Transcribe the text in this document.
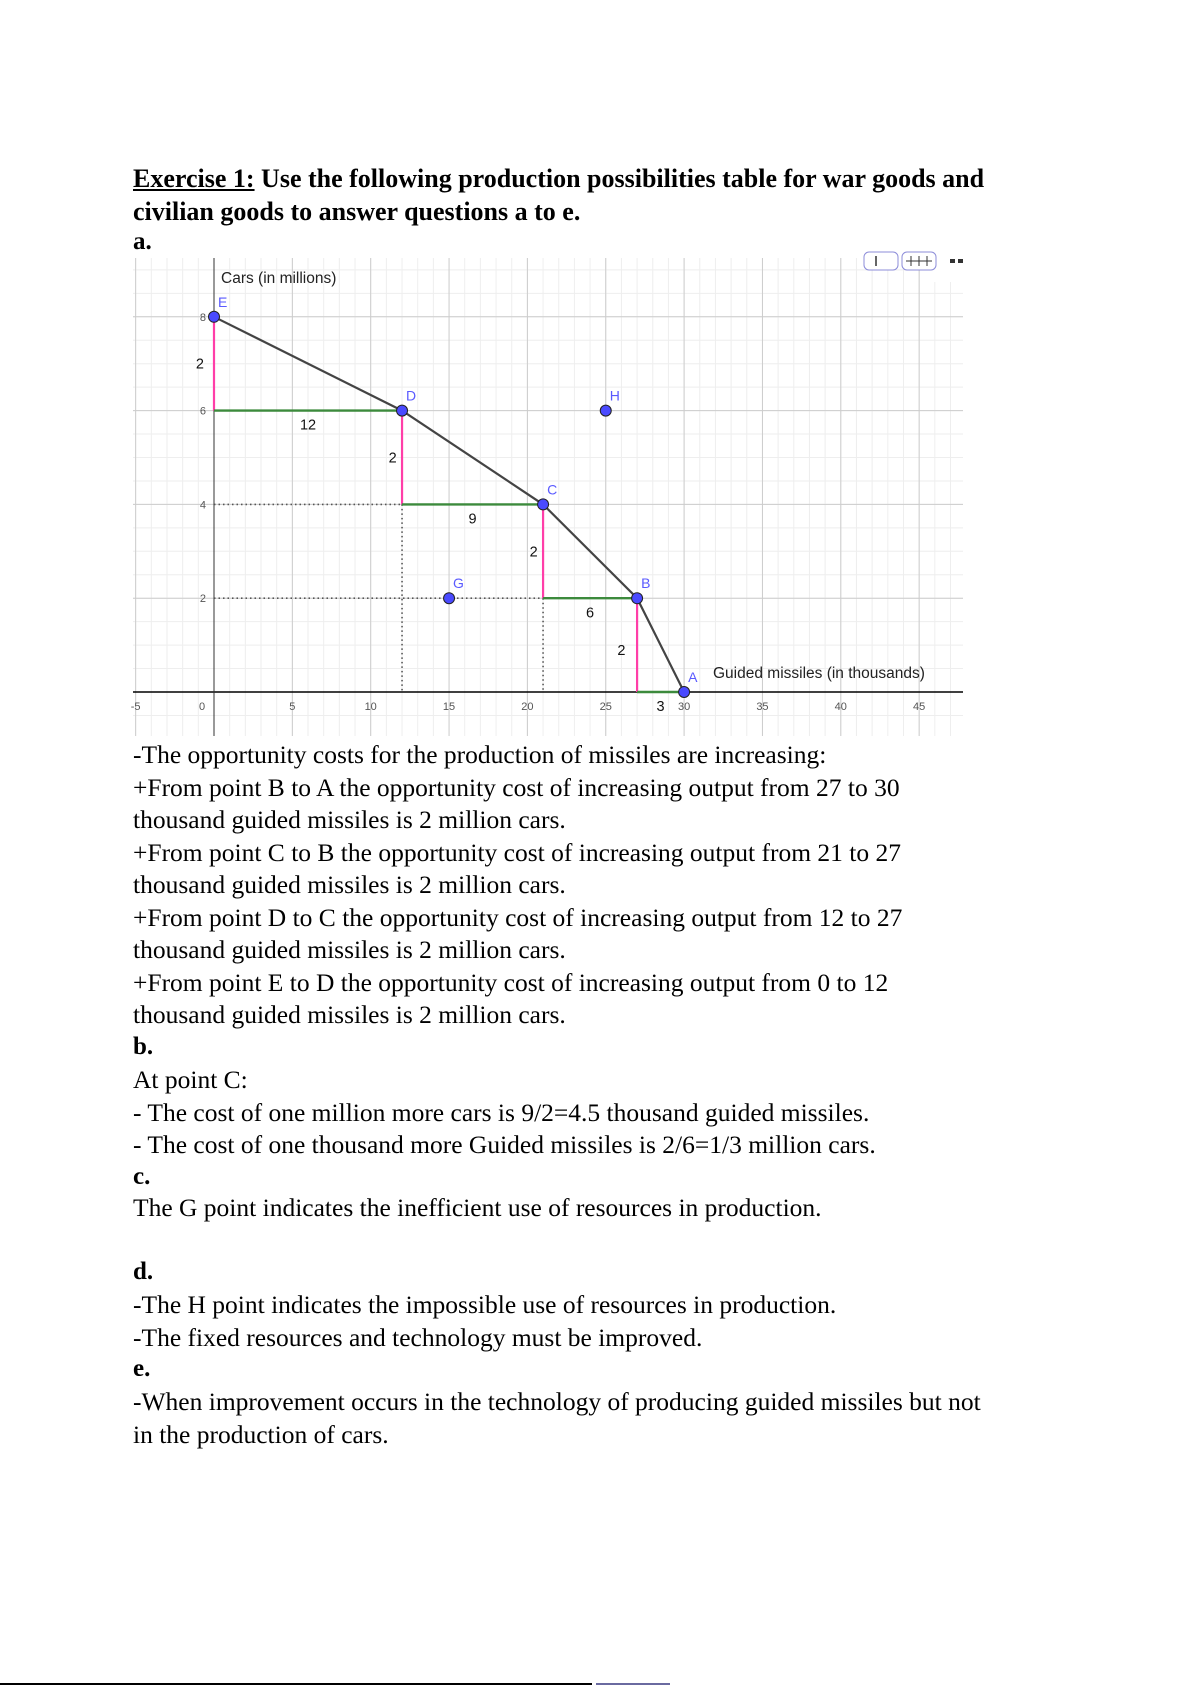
Exercise 1: Use the following production possibilities table for war goods and civilian goods to answer questions a to e.
a.
-5	0	5	10	15	20	25	30	35	40	45
2
4
6
8
Cars (in millions)
Guided missiles (in thousands)
2
12
2
9
2
6
2
3
E
D
C
B
A
G
H
-The opportunity costs for the production of missiles are increasing:
+From point B to A the opportunity cost of increasing output from 27 to 30
thousand guided missiles is 2 million cars.
+From point C to B the opportunity cost of increasing output from 21 to 27
thousand guided missiles is 2 million cars.
+From point D to C the opportunity cost of increasing output from 12 to 27
thousand guided missiles is 2 million cars.
+From point E to D the opportunity cost of increasing output from 0 to 12
thousand guided missiles is 2 million cars.
b.
At point C:
- The cost of one million more cars is 9/2=4.5 thousand guided missiles.
- The cost of one thousand more Guided missiles is 2/6=1/3 million cars.
c.
The G point indicates the inefficient use of resources in production.
d.
-The H point indicates the impossible use of resources in production.
-The fixed resources and technology must be improved.
e.
-When improvement occurs in the technology of producing guided missiles but not
in the production of cars.
